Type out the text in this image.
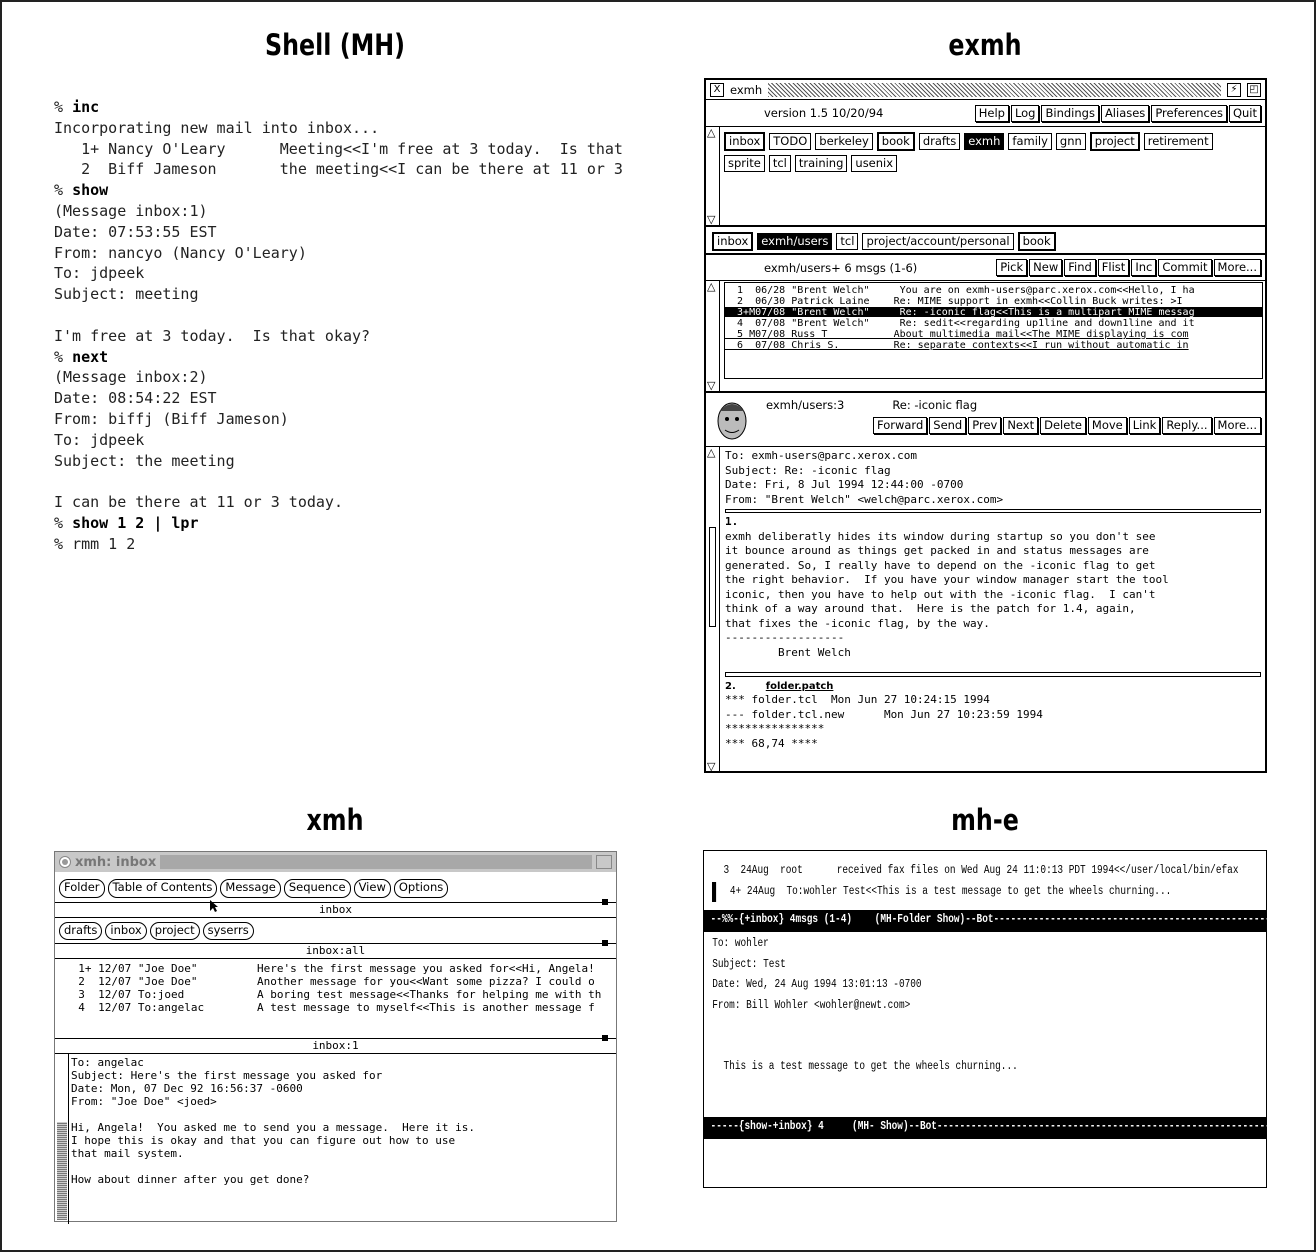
Shell (MH)	exmh
xmh	mh-e
% inc
Incorporating new mail into inbox...
1+ Nancy O'Leary      Meeting<<I'm free at 3 today.  Is that
2  Biff Jameson       the meeting<<I can be there at 11 or 3
% show
(Message inbox:1)
Date: 07:53:55 EST
From: nancyo (Nancy O'Leary)
To: jdpeek
Subject: meeting
I'm free at 3 today.  Is that okay?
% next
(Message inbox:2)
Date: 08:54:22 EST
From: biffj (Biff Jameson)
To: jdpeek
Subject: the meeting
I can be there at 11 or 3 today.
% show 1 2 | lpr
% rmm 1 2
X exmh	⚡	◰
version 1.5 10/20/94	Help Log Bindings Aliases Preferences Quit
△
▽
inbox TODO berkeley book drafts exmh family gnn project retirement
sprite tcl training usenix
inbox exmh/users tcl project/account/personal book
exmh/users+ 6 msgs (1-6)	Pick New Find Flist Inc Commit More...
△
▽
1  06/28 "Brent Welch"     You are on exmh-users@parc.xerox.com<<Hello, I ha
2  06/30 Patrick Laine    Re: MIME support in exmh<<Collin Buck writes: >I
3+M07/08 "Brent Welch"     Re: -iconic flag<<This is a multipart MIME messag
4  07/08 "Brent Welch"     Re: sedit<<regarding up1line and down1line and it
5 M07/08 Russ T           About multimedia mail<<The MIME displaying is com
6  07/08 Chris S.         Re: separate contexts<<I run without automatic in
exmh/users:3	Re: -iconic flag
Forward Send Prev Next Delete Move Link Reply... More...
△
▽
To: exmh-users@parc.xerox.com
Subject: Re: -iconic flag
Date: Fri, 8 Jul 1994 12:44:00 -0700
From: "Brent Welch" <welch@parc.xerox.com>
1.
exmh deliberatly hides its window during startup so you don't see
it bounce around as things get packed in and status messages are
generated. So, I really have to depend on the -iconic flag to get
the right behavior.  If you have your window manager start the tool
iconic, then you have to help out with the -iconic flag.  I can't
think of a way around that.  Here is the patch for 1.4, again,
that fixes the -iconic flag, by the way.
------------------
Brent Welch
2.	folder.patch
*** folder.tcl  Mon Jun 27 10:24:15 1994
--- folder.tcl.new      Mon Jun 27 10:23:59 1994
***************
*** 68,74 ****
xmh: inbox
Folder	Table of Contents	Message	Sequence	View	Options
inbox
drafts	inbox	project	syserrs
inbox:all
1+ 12/07 "Joe Doe"         Here's the first message you asked for<<Hi, Angela!
2  12/07 "Joe Doe"         Another message for you<<Want some pizza? I could o
3  12/07 To:joed           A boring test message<<Thanks for helping me with th
4  12/07 To:angelac        A test message to myself<<This is another message f
inbox:1
To: angelac
Subject: Here's the first message you asked for
Date: Mon, 07 Dec 92 16:56:37 -0600
From: "Joe Doe" <joed>
Hi, Angela!  You asked me to send you a message.  Here it is.
I hope this is okay and that you can figure out how to use
that mail system.
How about dinner after you get done?
3  24Aug  root      received fax files on Wed Aug 24 11:0:13 PDT 1994<</user/local/bin/efax
4+ 24Aug  To:wohler Test<<This is a test message to get the wheels churning...
--%%-{+inbox} 4msgs (1-4)    (MH-Folder Show)--Bot------------------------------------------------------
To: wohler
Subject: Test
Date: Wed, 24 Aug 1994 13:01:13 -0700
From: Bill Wohler <wohler@newt.com>
This is a test message to get the wheels churning...
-----{show-+inbox} 4     (MH- Show)--Bot-----------------------------------------------------------------
